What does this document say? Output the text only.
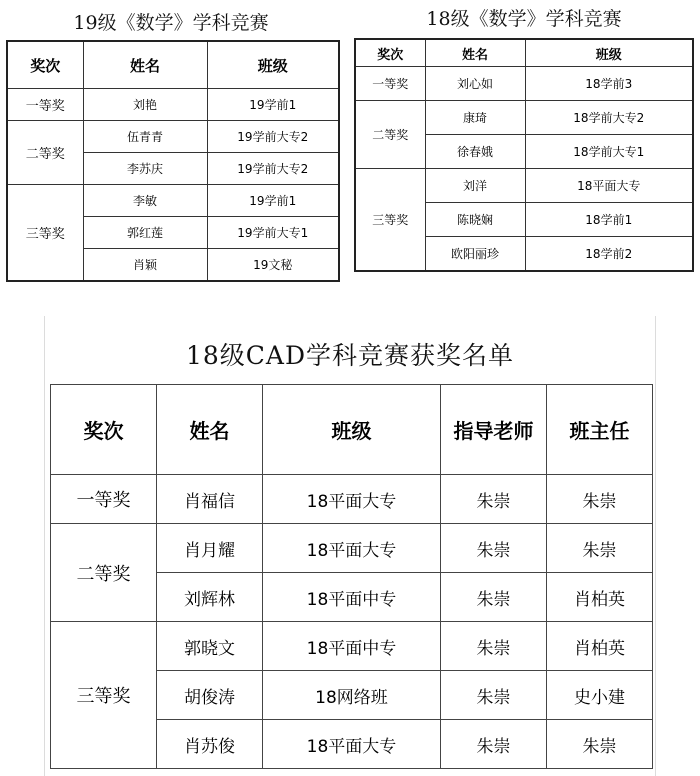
19级《数学》学科竞赛
奖次	姓名	班级
一等奖	刘艳	19学前1
二等奖	伍青青	19学前大专2
	李苏庆	19学前大专2
三等奖	李敏	19学前1
	郭红莲	19学前大专1
	肖颖	19文秘
18级《数学》学科竞赛
奖次	姓名	班级
一等奖	刘心如	18学前3
二等奖	康琦	18学前大专2
	徐春娥	18学前大专1
三等奖	刘洋	18平面大专
	陈晓娴	18学前1
	欧阳丽珍	18学前2
18级CAD学科竞赛获奖名单
奖次	姓名	班级	指导老师	班主任
一等奖	肖福信	18平面大专	朱崇	朱崇
二等奖	肖月耀	18平面大专	朱崇	朱崇
	刘辉林	18平面中专	朱崇	肖柏英
三等奖	郭晓文	18平面中专	朱崇	肖柏英
	胡俊涛	18网络班	朱崇	史小建
	肖苏俊	18平面大专	朱崇	朱崇
